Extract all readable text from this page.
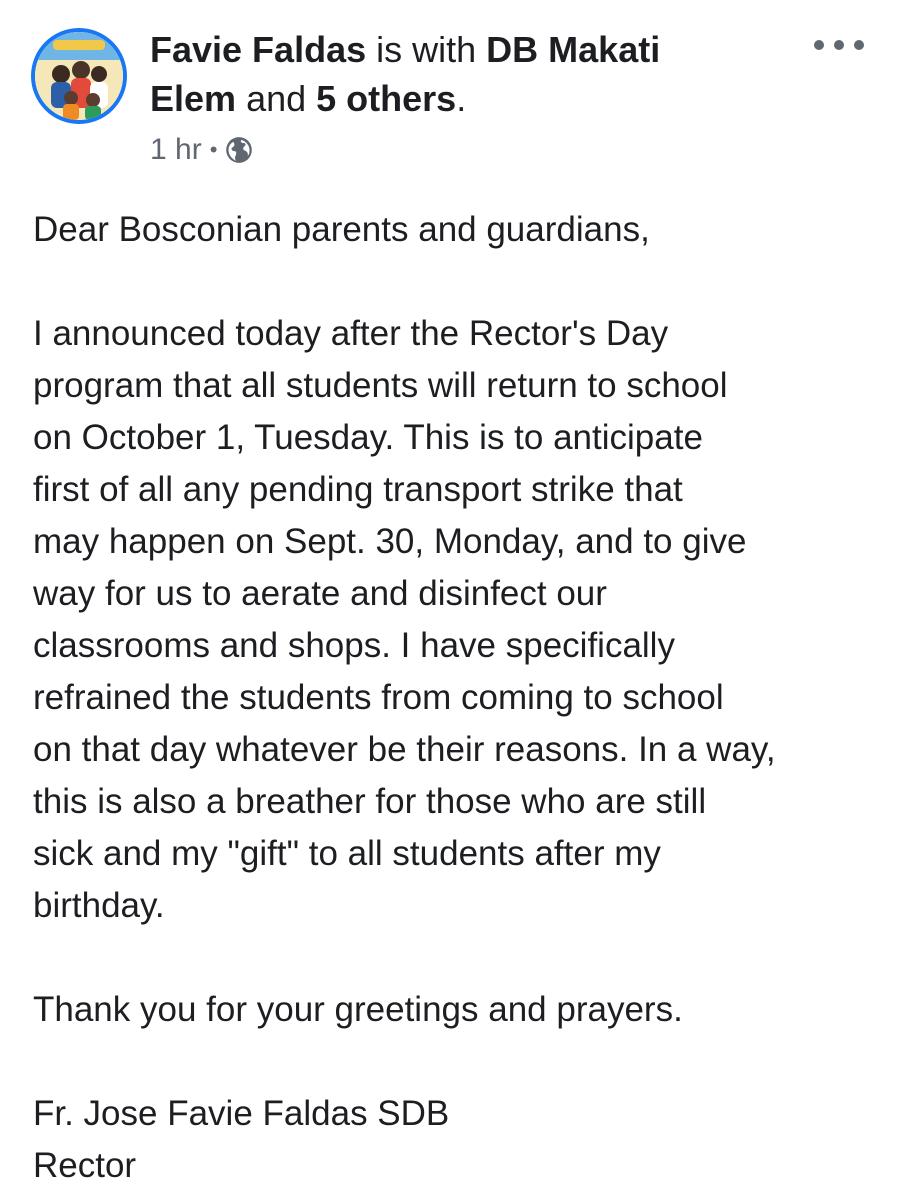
Favie Faldas is with DB Makati
Elem and 5 others.
1 hr •

Dear Bosconian parents and guardians,

I announced today after the Rector's Day

program that all students will return to school

on October 1, Tuesday. This is to anticipate

first of all any pending transport strike that

may happen on Sept. 30, Monday, and to give

way for us to aerate and disinfect our

classrooms and shops. I have specifically

refrained the students from coming to school

on that day whatever be their reasons. In a way,

this is also a breather for those who are still

sick and my "gift" to all students after my

birthday.

Thank you for your greetings and prayers.

Fr. Jose Favie Faldas SDB

Rector
